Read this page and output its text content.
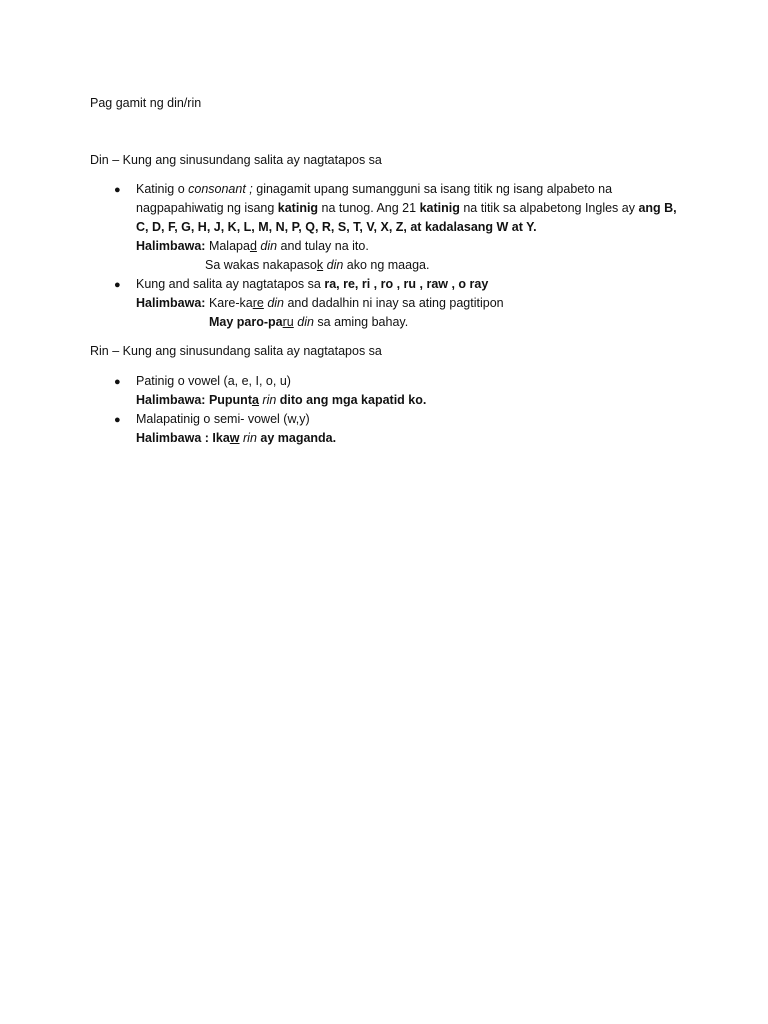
Pag gamit ng din/rin
Din – Kung ang sinusundang salita ay nagtatapos sa
● Katinig o consonant ; ginagamit upang sumangguni sa isang titik ng isang alpabeto na
nagpapahiwatig ng isang katinig na tunog. Ang 21 katinig na titik sa alpabetong Ingles ay ang B,
C, D, F, G, H, J, K, L, M, N, P, Q, R, S, T, V, X, Z, at kadalasang W at Y.
Halimbawa: Malapad din and tulay na ito.
Sa wakas nakapasok din ako ng maaga.
● Kung and salita ay nagtatapos sa ra, re, ri , ro , ru , raw , o ray
Halimbawa: Kare-kare din and dadalhin ni inay sa ating pagtitipon
May paro-paru din sa aming bahay.
Rin – Kung ang sinusundang salita ay nagtatapos sa
● Patinig o vowel (a, e, I, o, u)
Halimbawa: Pupunta rin dito ang mga kapatid ko.
● Malapatinig o semi- vowel (w,y)
Halimbawa : Ikaw rin ay maganda.
